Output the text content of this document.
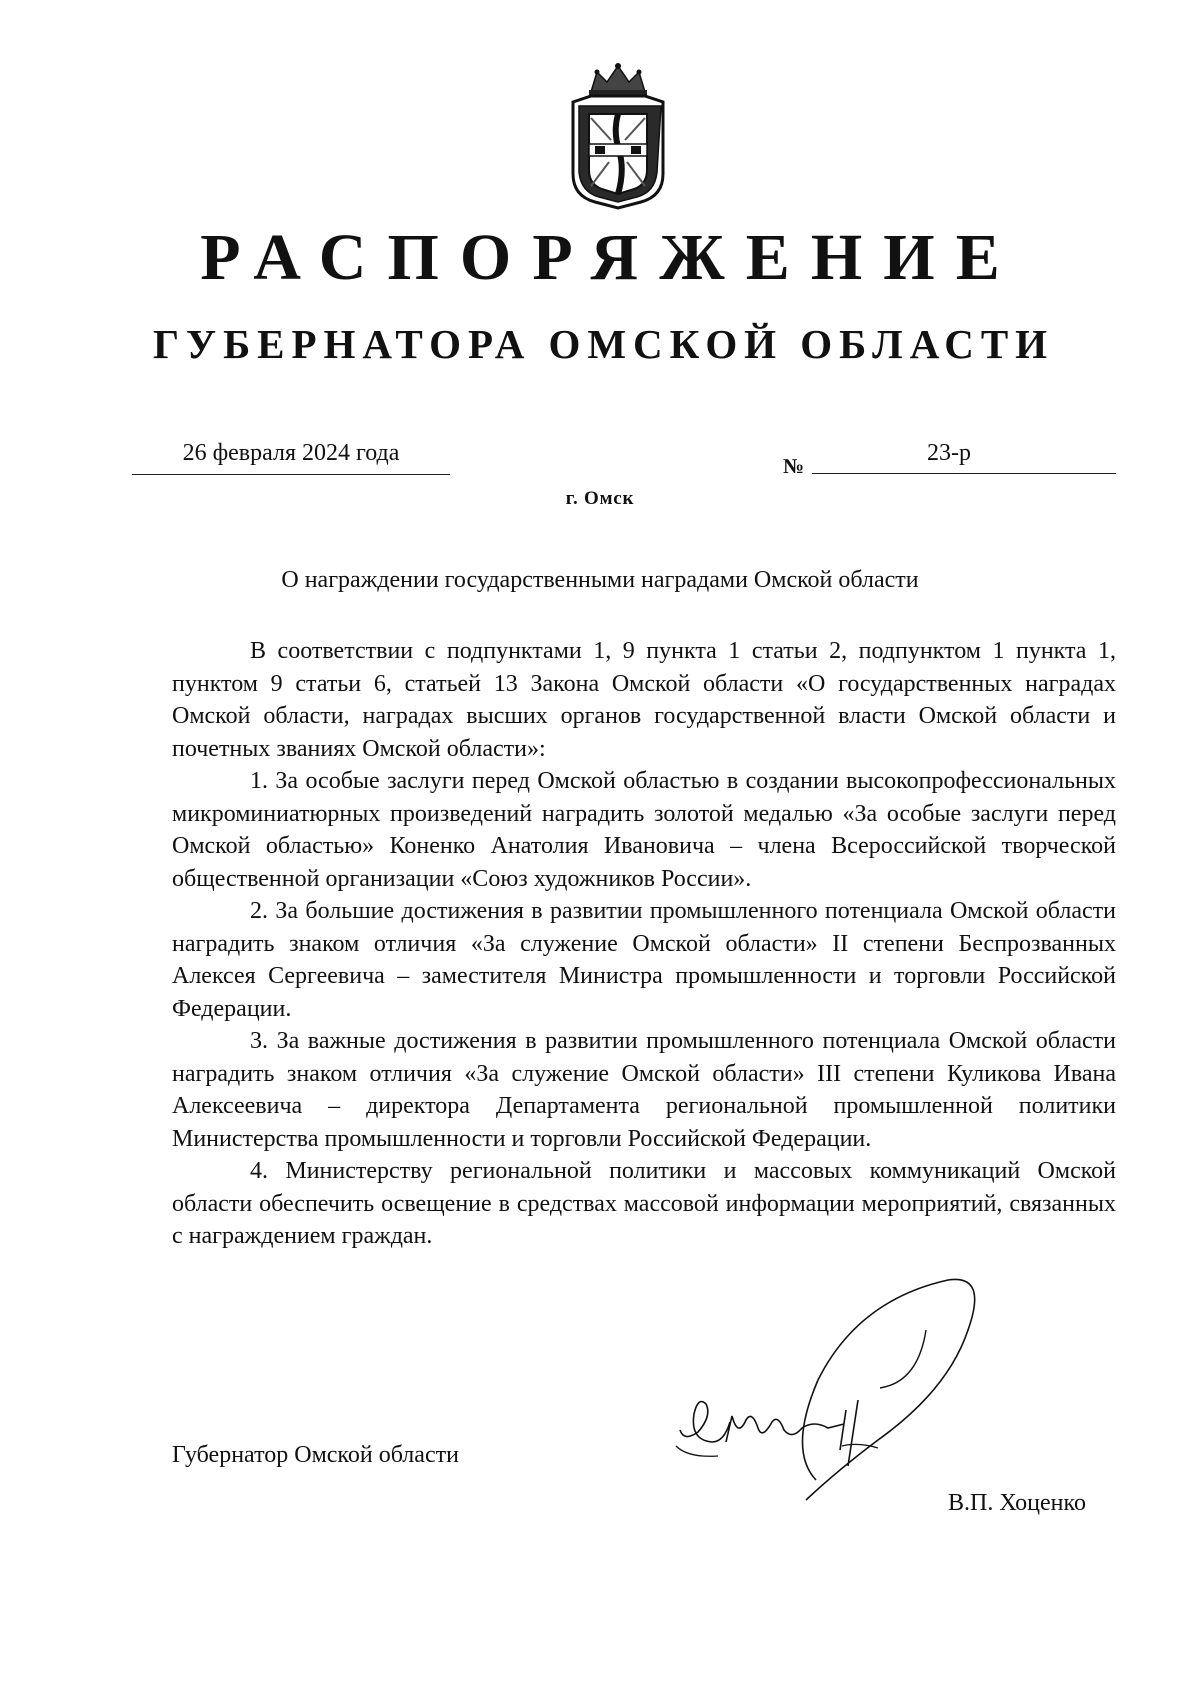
РАСПОРЯЖЕНИЕ
ГУБЕРНАТОРА ОМСКОЙ ОБЛАСТИ
26 февраля 2024 года	№	23-р
г. Омск
О награждении государственными наградами Омской области

В соответствии с подпунктами 1, 9 пункта 1 статьи 2, подпунктом 1 пункта 1, пунктом 9 статьи 6, статьей 13 Закона Омской области «О государственных наградах Омской области, наградах высших органов государственной власти Омской области и почетных званиях Омской области»:

1. За особые заслуги перед Омской областью в создании высокопрофессиональных микроминиатюрных произведений наградить золотой медалью «За особые заслуги перед Омской областью» Коненко Анатолия Ивановича – члена Всероссийской творческой общественной организации «Союз художников России».

2. За большие достижения в развитии промышленного потенциала Омской области наградить знаком отличия «За служение Омской области» II степени Беспрозванных Алексея Сергеевича – заместителя Министра промышленности и торговли Российской Федерации.

3. За важные достижения в развитии промышленного потенциала Омской области наградить знаком отличия «За служение Омской области» III степени Куликова Ивана Алексеевича – директора Департамента региональной промышленной политики Министерства промышленности и торговли Российской Федерации.

4. Министерству региональной политики и массовых коммуникаций Омской области обеспечить освещение в средствах массовой информации мероприятий, связанных с награждением граждан.

Губернатор Омской области
В.П. Хоценко
